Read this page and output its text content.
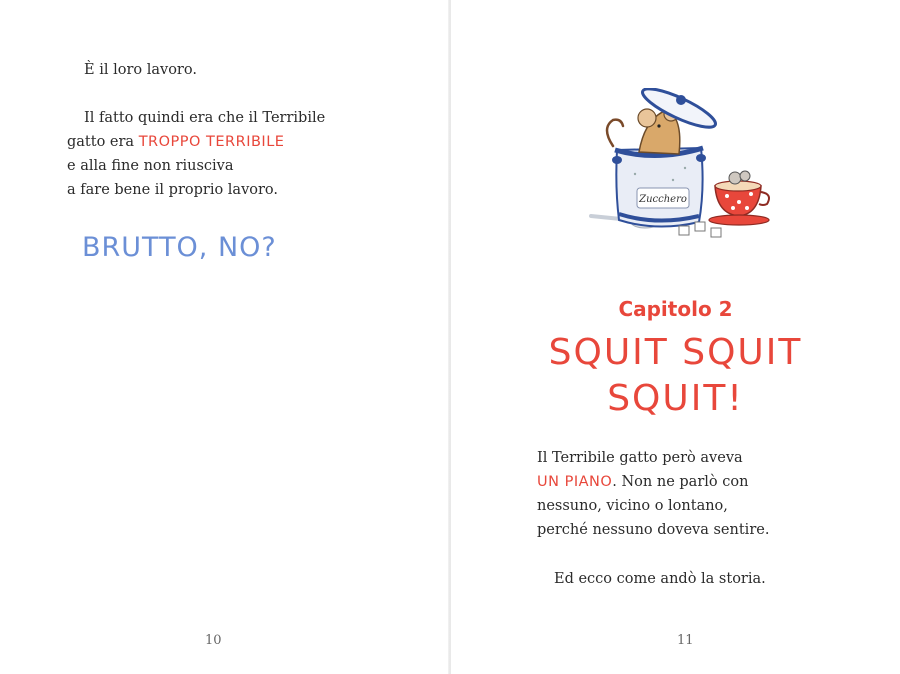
È il loro lavoro.
Il fatto quindi era che il Terribile
gatto era TROPPO TERRIBILE
e alla fine non riusciva
a fare bene il proprio lavoro.
BRUTTO, NO?
10
Zucchero
Capitolo 2
SQUIT SQUIT
SQUIT!
Il Terribile gatto però aveva
UN PIANO. Non ne parlò con
nessuno, vicino o lontano,
perché nessuno doveva sentire.
Ed ecco come andò la storia.
11
